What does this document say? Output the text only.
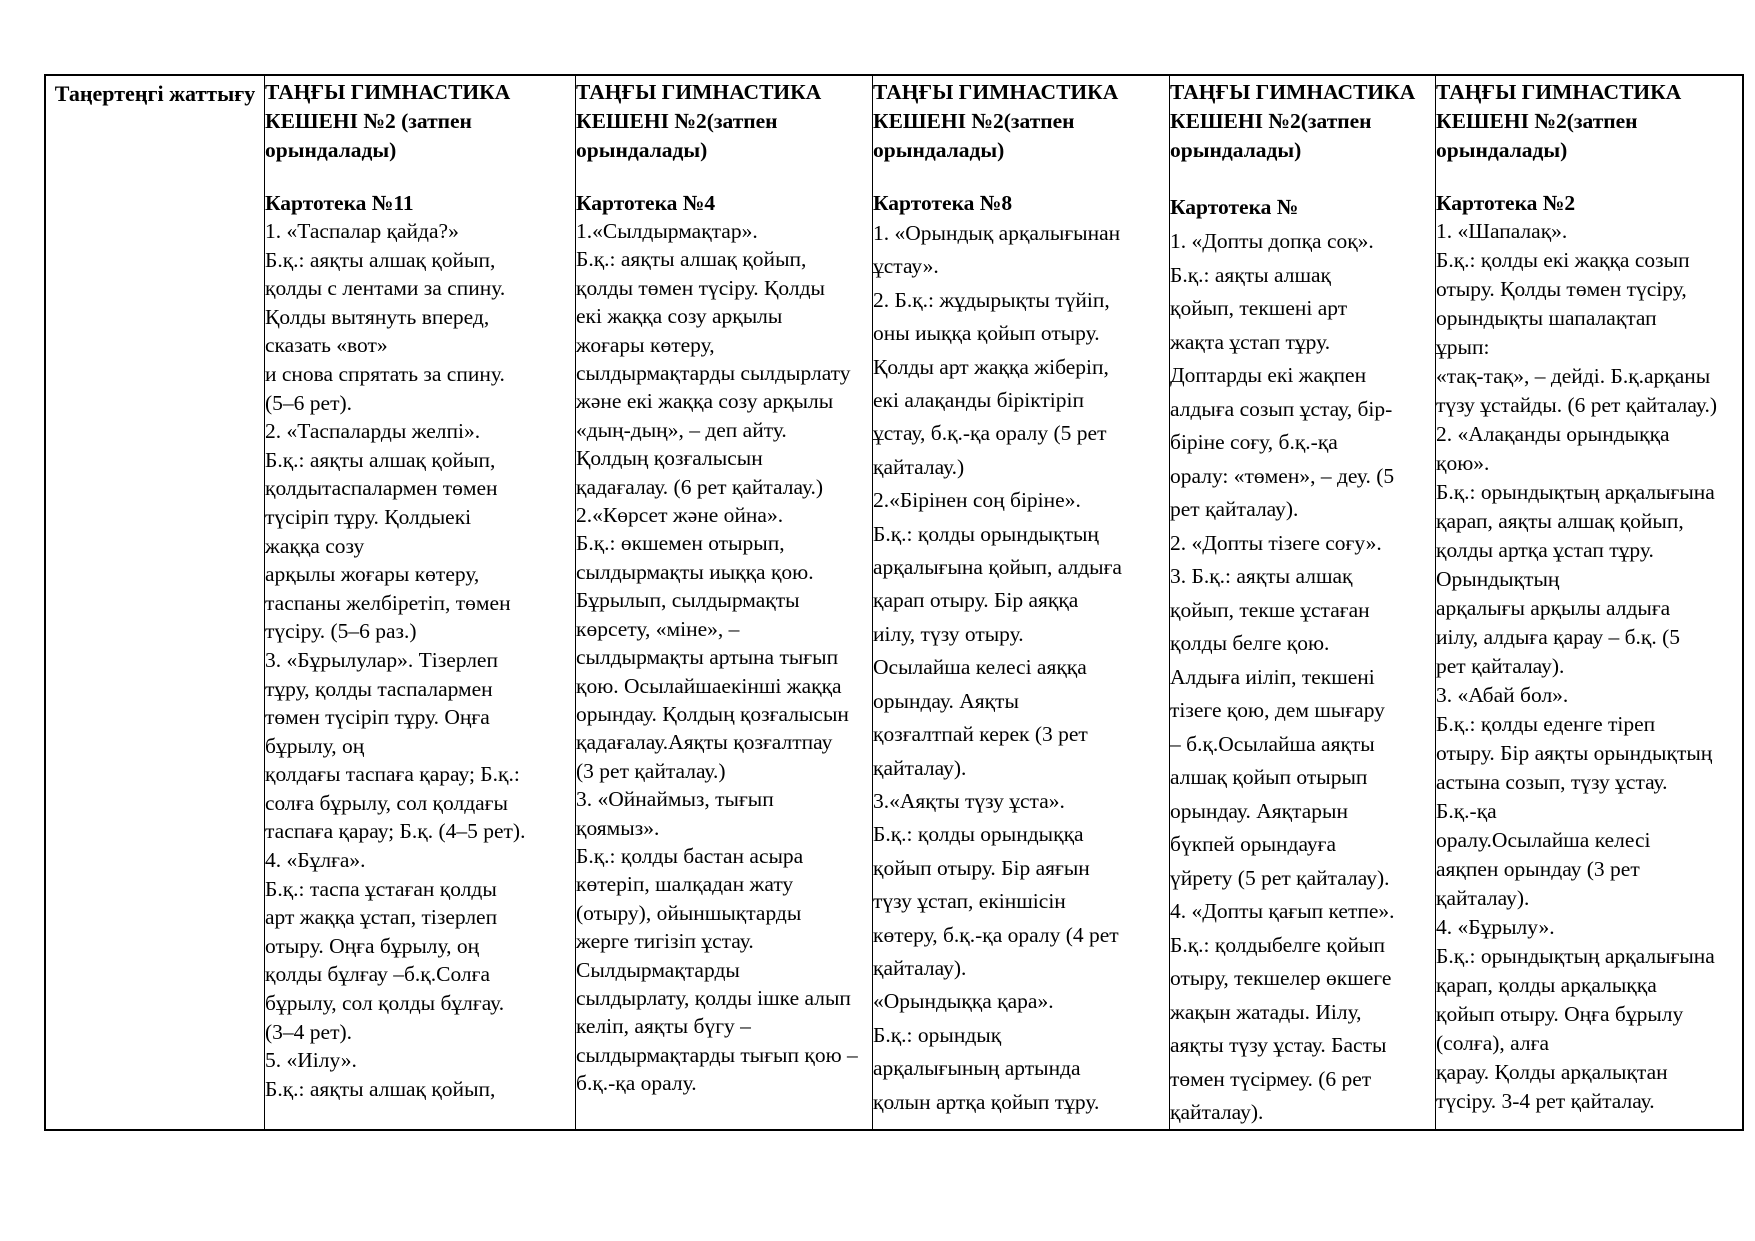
Таңертеңгі жаттығу ТАҢҒЫ ГИМНАСТИКА
КЕШЕНІ №2 (затпен
орындалады)
Картотека №11
1. «Таспалар қайда?»
Б.қ.: аяқты алшақ қойып,
қолды с лентами за спину.
Қолды вытянуть вперед,
сказать «вот»
и снова спрятать за спину.
(5–6 рет).
2. «Таспаларды желпі».
Б.қ.: аяқты алшақ қойып,
қолдытаспалармен төмен
түсіріп тұру. Қолдыекі
жаққа созу
арқылы жоғары көтеру,
таспаны желбіретіп, төмен
түсіру. (5–6 раз.)
3. «Бұрылулар». Тізерлеп
тұру, қолды таспалармен
төмен түсіріп тұру. Оңға
бұрылу, оң
қолдағы таспаға қарау; Б.қ.:
солға бұрылу, сол қолдағы
таспаға қарау; Б.қ. (4–5 рет).
4. «Бұлға».
Б.қ.: таспа ұстаған қолды
арт жаққа ұстап, тізерлеп
отыру. Оңға бұрылу, оң
қолды бұлғау –б.қ.Солға
бұрылу, сол қолды бұлғау.
(3–4 рет).
5. «Иілу».
Б.қ.: аяқты алшақ қойып,
ТАҢҒЫ ГИМНАСТИКА
КЕШЕНІ №2(затпен
орындалады)
Картотека №4
1.«Сылдырмақтар».
Б.қ.: аяқты алшақ қойып,
қолды төмен түсіру. Қолды
екі жаққа созу арқылы
жоғары көтеру,
сылдырмақтарды сылдырлату
және екі жаққа созу арқылы
«дың-дың», – деп айту.
Қолдың қозғалысын
қадағалау. (6 рет қайталау.)
2.«Көрсет және ойна».
Б.қ.: өкшемен отырып,
сылдырмақты иыққа қою.
Бұрылып, сылдырмақты
көрсету, «міне», –
сылдырмақты артына тығып
қою. Осылайшаекінші жаққа
орындау. Қолдың қозғалысын
қадағалау.Аяқты қозғалтпау
(3 рет қайталау.)
3. «Ойнаймыз, тығып
қоямыз».
Б.қ.: қолды бастан асыра
көтеріп, шалқадан жату
(отыру), ойыншықтарды
жерге тигізіп ұстау.
Сылдырмақтарды
сылдырлату, қолды ішке алып
келіп, аяқты бүгу –
сылдырмақтарды тығып қою –
б.қ.-қа оралу.
ТАҢҒЫ ГИМНАСТИКА
КЕШЕНІ №2(затпен
орындалады)
Картотека №8
1. «Орындық арқалығынан
ұстау».
2. Б.қ.: жұдырықты түйіп,
оны иыққа қойып отыру.
Қолды арт жаққа жіберіп,
екі алақанды біріктіріп
ұстау, б.қ.-қа оралу (5 рет
қайталау.)
2.«Бірінен соң біріне».
Б.қ.: қолды орындықтың
арқалығына қойып, алдыға
қарап отыру. Бір аяққа
иілу, түзу отыру.
Осылайша келесі аяққа
орындау. Аяқты
қозғалтпай керек (3 рет
қайталау).
3.«Аяқты түзу ұста».
Б.қ.: қолды орындыққа
қойып отыру. Бір аяғын
түзу ұстап, екіншісін
көтеру, б.қ.-қа оралу (4 рет
қайталау).
«Орындыққа қара».
Б.қ.: орындық
арқалығының артында
қолын артқа қойып тұру.
ТАҢҒЫ ГИМНАСТИКА
КЕШЕНІ №2(затпен
орындалады)
Картотека №
1. «Допты допқа соқ».
Б.қ.: аяқты алшақ
қойып, текшені арт
жақта ұстап тұру.
Доптарды екі жақпен
алдыға созып ұстау, бір-
біріне соғу, б.қ.-қа
оралу: «төмен», – деу. (5
рет қайталау).
2. «Допты тізеге соғу».
3. Б.қ.: аяқты алшақ
қойып, текше ұстаған
қолды белге қою.
Алдыға иіліп, текшені
тізеге қою, дем шығару
– б.қ.Осылайша аяқты
алшақ қойып отырып
орындау. Аяқтарын
бүкпей орындауға
үйрету (5 рет қайталау).
4. «Допты қағып кетпе».
Б.қ.: қолдыбелге қойып
отыру, текшелер өкшеге
жақын жатады. Иілу,
аяқты түзу ұстау. Басты
төмен түсірмеу. (6 рет
қайталау).
ТАҢҒЫ ГИМНАСТИКА
КЕШЕНІ №2(затпен
орындалады)
Картотека №2
1. «Шапалақ».
Б.қ.: қолды екі жаққа созып
отыру. Қолды төмен түсіру,
орындықты шапалақтап
ұрып:
«тақ-тақ», – дейді. Б.қ.арқаны
түзу ұстайды. (6 рет қайталау.)
2. «Алақанды орындыққа
қою».
Б.қ.: орындықтың арқалығына
қарап, аяқты алшақ қойып,
қолды артқа ұстап тұру.
Орындықтың
арқалығы арқылы алдыға
иілу, алдыға қарау – б.қ. (5
рет қайталау).
3. «Абай бол».
Б.қ.: қолды еденге тіреп
отыру. Бір аяқты орындықтың
астына созып, түзу ұстау.
Б.қ.-қа
оралу.Осылайша келесі
аяқпен орындау (3 рет
қайталау).
4. «Бұрылу».
Б.қ.: орындықтың арқалығына
қарап, қолды арқалыққа
қойып отыру. Оңға бұрылу
(солға), алға
қарау. Қолды арқалықтан
түсіру. 3-4 рет қайталау.
